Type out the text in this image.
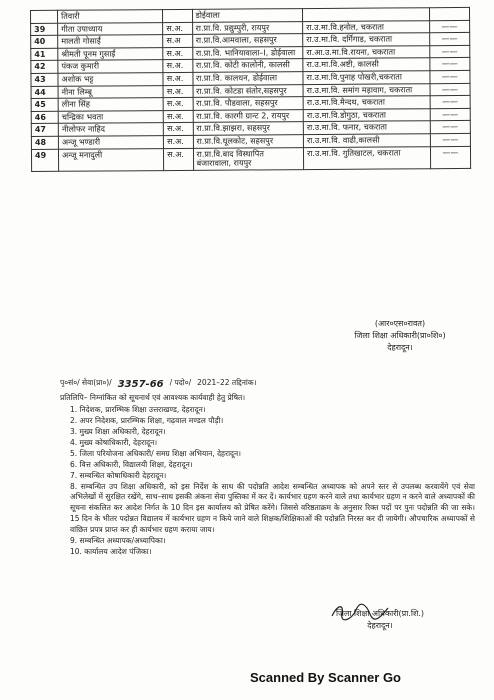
	तिवारी		डोईवाला		
39	गीता उपाध्याय	स.अ.	रा.प्रा.वि. प्रद्युम्पुरी, रायपुर	रा.उ.मा.वि.हनोल, चकराता	——
40	मालती गोसाईं	स.अ	रा.प्रा.वि.आमवाला, सहसपुर	रा.उ.मा.वि. दर्गिगाड, चकराता	——
41	श्रीमती पूनम गुसाईं	स.अ.	रा.प्रा.वि. भानियावाला–I, डोईवाला	रा.आ.उ.मा.वि.रायना, चकराता	——
42	पंकज कुमारी	स.अ.	रा.प्रा.वि. कोटी कालोनी, कालसी	रा.उ.मा.वि.अष्टी, कालसी	——
43	अशोक भट्ट	स.अ.	रा.प्रा.वि. कालधन, डोईवाला	रा.उ.मा.वि.पुनाह पोखरी,चकराता	——
44	नीना लिम्बू	स.अ.	रा.प्रा.वि. कोटडा संतोर,सहसपुर	रा.उ.मा.वि. समांग मड़ावाग, चकराता	——
45	लीना सिंह	स.अ.	रा.प्रा.वि. पौडवाला, सहसपुर	रा.उ.मा.वि.मैन्दथ, चकराता	——
46	चन्द्रिका भवता	स.अ.	रा.प्रा.वि. कारगी ग्रान्ट 2, रायपुर	रा.उ.मा.वि.डोगुठा, चकराता	——
47	नीलोफर नाहिद	स.अ.	रा.प्रा.वि.झाझरा, सहसपुर	रा.उ.मा.वि. फनार, चकराता	——
48	अन्जू भण्डारी	स.अ.	रा.प्रा.वि.धूलकोट, सहसपुर	रा.उ.मा.वि. वाढी,कालसी	——
49	अन्जू मनादुली	स.अ.	रा.प्रा.वि.बाद विस्थापित बंजारावाला, रायपुर	रा.उ.मा.वि. गुतिखाटल, चकराता	——
(आर०एस०रावत)
जिला शिक्षा अधिकारी(प्रा०शि०)
देहरादून।
पृ०सं०/ सेवा(प्रा०)/ 3357-66 / पदो०/ 2021–22 तद्दिनांक।
प्रतिलिपि– निम्नांकित को सूचनार्थ एवं आवश्यक कार्यवाही हेतु प्रेषित।
1. निदेशक, प्रारम्भिक शिक्षा उत्तराखण्ड, देहरादून।
2. अपर निदेशक, प्रारम्भिक शिक्षा, गढ़वाल मण्डल पौड़ी।
3. मुख्य शिक्षा अधिकारी, देहरादून।
4. मुख्य कोषाधिकारी, देहरादून।
5. जिला परियोजना अधिकारी/ समग्र शिक्षा अभियान, देहरादून।
6. वित्त अधिकारी, विद्यालयी शिक्षा, देहरादून।
7. सम्बन्धित कोषाधिकारी देहरादून।
8. सम्बन्धित उप शिक्षा अधिकारी, को इस निर्देश के साथ की पदोन्नति आदेश सम्बन्धित अध्यापक को अपने स्तर से उपलब्ध करवायेंगे एवं सेवा अभिलेखों में सुरक्षित रखेंगे, साथ–साथ इसकी अंकना सेवा पुस्तिका में कर दें। कार्यभार ग्रहण करने वाले तथा कार्यभार ग्रहण न करने वाले अध्यापकों की सूचना संकलित कर आदेश निर्गत के 10 दिन इस कार्यालय को प्रेषित करेंगे। जिससे वरिष्ठताक्रम के अनुसार रिक्त पदों पर पुनः पदोन्नति की जा सके। 15 दिन के भीतर पदोन्नत विद्यालय में कार्यभार ग्रहण न किये जाने वाले शिक्षक/शिक्षिकाओं की पदोन्नति निरस्त कर दी जायेगी। औपचारिक अध्यापकों से वांछित प्रपत्र प्राप्त कर ही कार्यभार ग्रहण कराया जाय।
9. सम्बन्धित अध्यापक/अध्यापिका।
10. कार्यालय आदेश पंजिका।
जिला शिक्षा अधिकारी(प्रा.शि.)
देहरादून।
Scanned By Scanner Go
